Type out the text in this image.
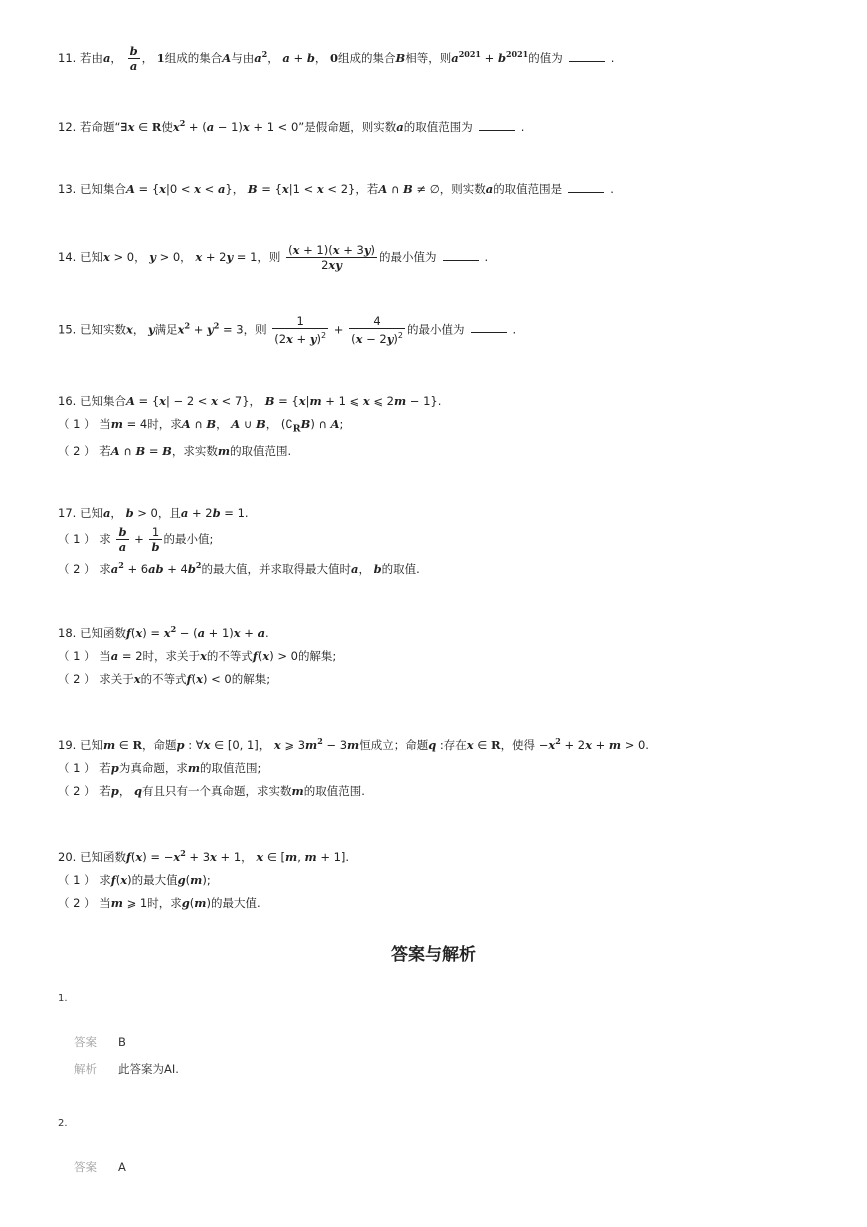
11. 若由a， $\frac{b}{a}$ ， 1组成的集合A与由$a^2$， a + b， 0组成的集合B相等，则$a^{2021} + b^{2021}$的值为	.
12. 若命题“∃x ∈ R使$x^2 + (a - 1)x + 1 < 0$”是假命题，则实数a的取值范围为	.
13. 已知集合A = {x|0 < x < a}， B = {x|1 < x < 2}，若A ∩ B ≠ ∅，则实数a的取值范围是	.
14. 已知x > 0， y > 0， x + 2y = 1，则 $\frac{(x + 1)(x + 3y)}{2xy}$ 的最小值为	.
15. 已知实数x， y满足$x^2 + y^2 = 3$，则 $\frac{1}{(2x + y)^2} + \frac{4}{(x - 2y)^2}$ 的最小值为	.
16. 已知集合A = {x| − 2 < x < 7}， B = {x|m + 1 ⩽ x ⩽ 2m − 1}.
（ 1 ） 当m = 4时，求A ∩ B， A ∪ B， $(∁_RB)$ ∩ A;
（ 2 ） 若A ∩ B = B，求实数m的取值范围.
17. 已知a， b > 0，且a + 2b = 1.
（ 1 ） 求 $\frac{b}{a} + \frac{1}{b}$ 的最小值;
（ 2 ） 求$a^2 + 6ab + 4b^2$的最大值，并求取得最大值时a， b的取值.
18. 已知函数$f(x) = x^2 - (a + 1)x + a$.
（ 1 ） 当a = 2时，求关于x的不等式f(x) > 0的解集;
（ 2 ） 求关于x的不等式f(x) < 0的解集;
19. 已知m ∈ R，命题p : ∀x ∈ [0, 1]， x ⩾ $3m^2 - 3m$恒成立；命题q :存在x ∈ R，使得 $-x^2 + 2x + m > 0$.
（ 1 ） 若p为真命题，求m的取值范围;
（ 2 ） 若p， q有且只有一个真命题，求实数m的取值范围.
20. 已知函数$f(x) = -x^2 + 3x + 1$， x ∈ [m, m + 1].
（ 1 ） 求f(x)的最大值g(m);
（ 2 ） 当m ⩾ 1时，求g(m)的最大值.
答案与解析
1.
答案 B
解析 此答案为AI.
2.
答案 A
